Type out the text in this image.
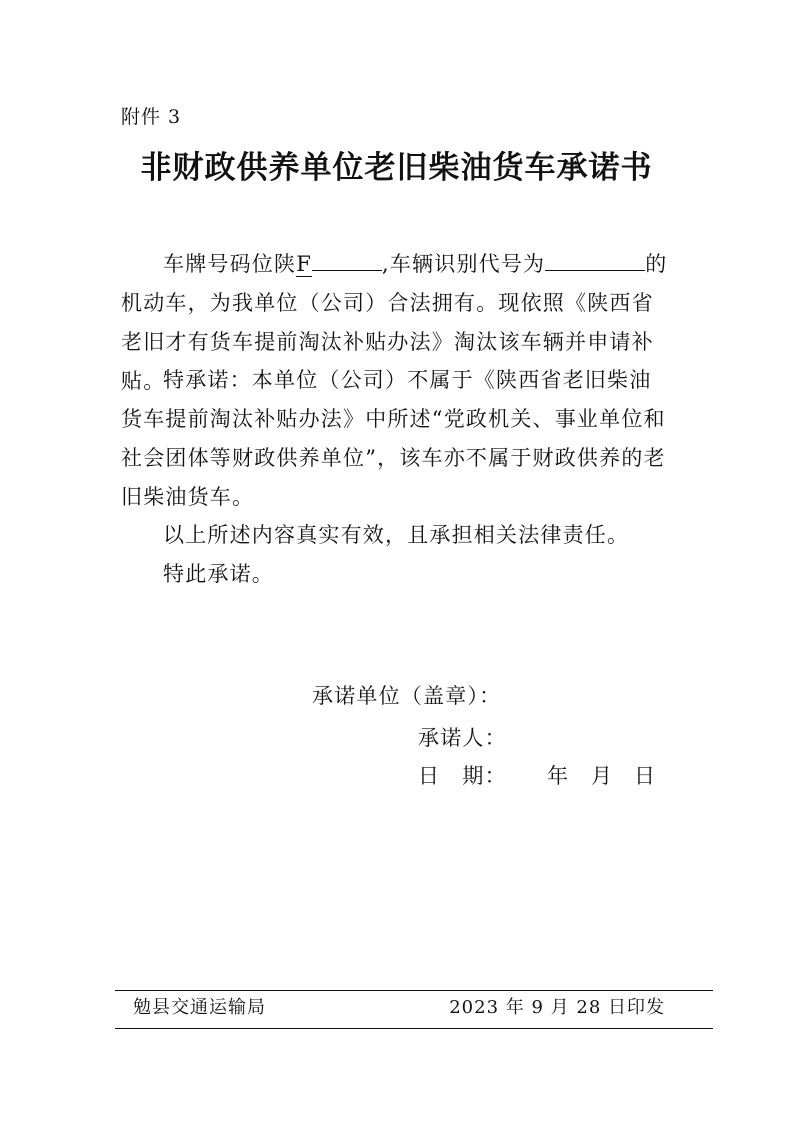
附件 3

非财政供养单位老旧柴油货车承诺书

车牌号码位陕F	,车辆识别代号为	的机动车，为我单位（公司）合法拥有。现依照《陕西省老旧才有货车提前淘汰补贴办法》淘汰该车辆并申请补贴。

特承诺：本单位（公司）不属于《陕西省老旧柴油货车提前淘汰补贴办法》中所述“党政机关、事业单位和社会团体等财政供养单位”，该车亦不属于财政供养的老旧柴油货车。

以上所述内容真实有效，且承担相关法律责任。

特此承诺。

承诺单位（盖章）：

承诺人：

日　期： 年 月 日

勉县交通运输局	2023 年 9 月 28 日印发
